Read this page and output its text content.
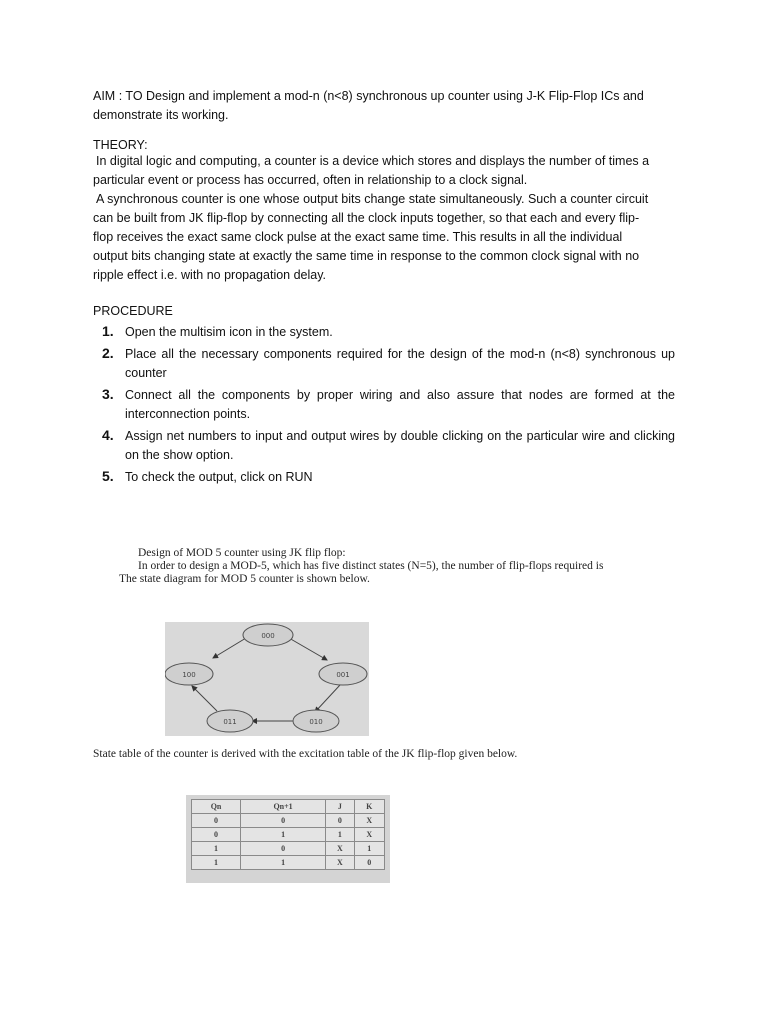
AIM : TO Design and implement a mod-n (n<8) synchronous up counter using J-K Flip-Flop ICs and demonstrate its working.
THEORY:

In digital logic and computing, a counter is a device which stores and displays the number of times a particular event or process has occurred, often in relationship to a clock signal.

A synchronous counter is one whose output bits change state simultaneously. Such a counter circuit can be built from JK flip-flop by connecting all the clock inputs together, so that each and every flip-flop receives the exact same clock pulse at the exact same time. This results in all the individual output bits changing state at exactly the same time in response to the common clock signal with no ripple effect i.e. with no propagation delay.

PROCEDURE
1. Open the multisim icon in the system.
2. Place all the necessary components required for the design of the mod-n (n<8) synchronous up counter
3. Connect all the components by proper wiring and also assure that nodes are formed at the interconnection points.
4. Assign net numbers to input and output wires by double clicking on the particular wire and clicking on the show option.
5. To check the output, click on RUN
Design of MOD 5 counter using JK flip flop:
In order to design a MOD-5, which has five distinct states (N=5), the number of flip-flops required is
The state diagram for MOD 5 counter is shown below.
000
001
010
011
100
State table of the counter is derived with the excitation table of the JK flip-flop given below.
Qn	Qn+1	J	K
0	0	0	X
0	1	1	X
1	0	X	1
1	1	X	0
